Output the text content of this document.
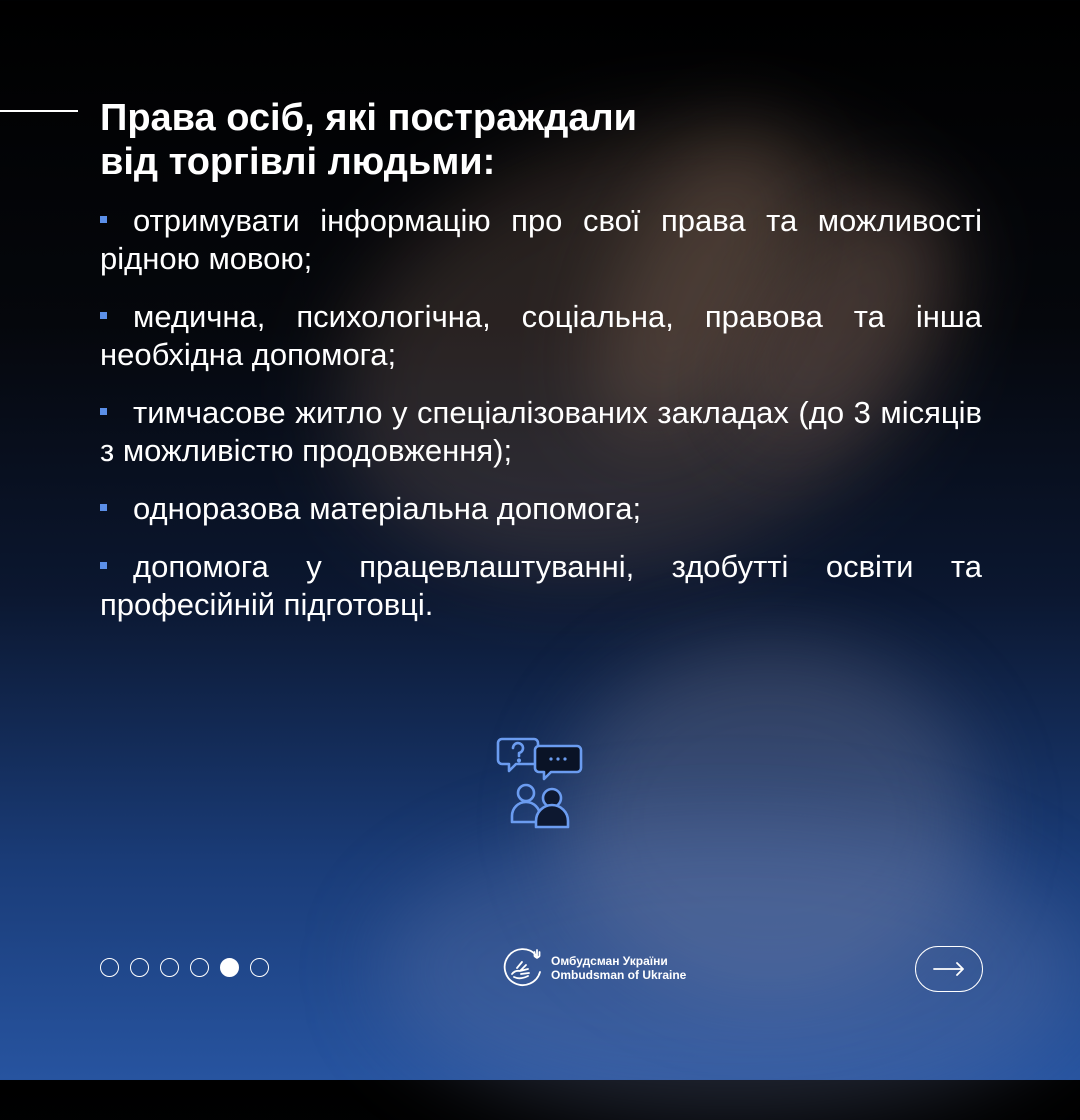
Права осіб, які постраждали
від торгівлі людьми:
отримувати інформацію про свої права та можливості рідною мовою;
медична, психологічна, соціальна, правова та інша необхідна допомога;
тимчасове житло у спеціалізованих закладах (до 3 місяців з можливістю продовження);
одноразова матеріальна допомога;
допомога у працевлаштуванні, здобутті освіти та професійній підготовці.
Омбудсман України
Ombudsman of Ukraine
